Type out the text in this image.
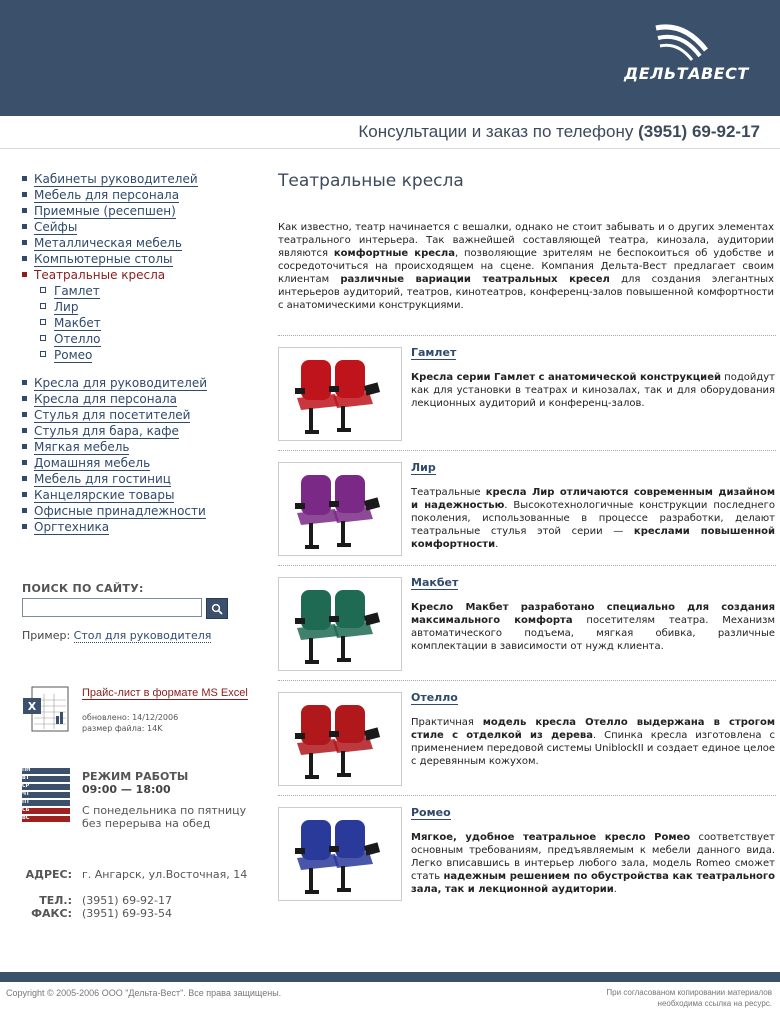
ДЕЛЬТАВЕСТ
Консультации и заказ по телефону (3951) 69-92-17
Кабинеты руководителей
Мебель для персонала
Приемные (ресепшен)
Сейфы
Металлическая мебель
Компьютерные столы
Театральные кресла
Гамлет
Лир
Макбет
Отелло
Ромео
Кресла для руководителей
Кресла для персонала
Стулья для посетителей
Стулья для бара, кафе
Мягкая мебель
Домашняя мебель
Мебель для гостиниц
Канцелярские товары
Офисные принадлежности
Оргтехника
ПОИСК ПО САЙТУ:
Пример: Стол для руководителя
X
Прайс-лист в формате MS Excel
обновлено: 14/12/2006
размер файла: 14K
ПН
ВТ
СР
ЧТ
ПТ
СБ
ВС
РЕЖИМ РАБОТЫ
09:00 — 18:00
С понедельника по пятницу без перерыва на обед
АДРЕС: г. Ангарск, ул.Восточная, 14
ТЕЛ.: (3951) 69-92-17
ФАКС: (3951) 69-93-54
Театральные кресла
Как известно, театр начинается с вешалки, однако не стоит забывать и о других элементах театрального интерьера. Так важнейшей составляющей театра, кинозала, аудитории являются комфортные кресла, позволяющие зрителям не беспокоиться об удобстве и сосредоточиться на происходящем на сцене. Компания Дельта-Вест предлагает своим клиентам различные вариации театральных кресел для создания элегантных интерьеров аудиторий, театров, кинотеатров, конференц-залов повышенной комфортности с анатомическими конструкциями.
Гамлет
Кресла серии Гамлет с анатомической конструкцией подойдут как для установки в театрах и кинозалах, так и для оборудования лекционных аудиторий и конференц-залов.
Лир
Театральные кресла Лир отличаются современным дизайном и надежностью. Высокотехнологичные конструкции последнего поколения, использованные в процессе разработки, делают театральные стулья этой серии — креслами повышенной комфортности.
Макбет
Кресло Макбет разработано специально для создания максимального комфорта посетителям театра. Механизм автоматического подъема, мягкая обивка, различные комплектации в зависимости от нужд клиента.
Отелло
Практичная модель кресла Отелло выдержана в строгом стиле с отделкой из дерева. Спинка кресла изготовлена с применением передовой системы UniblockII и создает единое целое с деревянным кожухом.
Ромео
Мягкое, удобное театральное кресло Ромео соответствует основным требованиям, предъявляемым к мебели данного вида. Легко вписавшись в интерьер любого зала, модель Romeo сможет стать надежным решением по обустройства как театрального зала, так и лекционной аудитории.
Copyright © 2005-2006 ООО "Дельта-Вест". Все права защищены.	При согласованом копировании материалов
необходима ссылка на ресурс.
